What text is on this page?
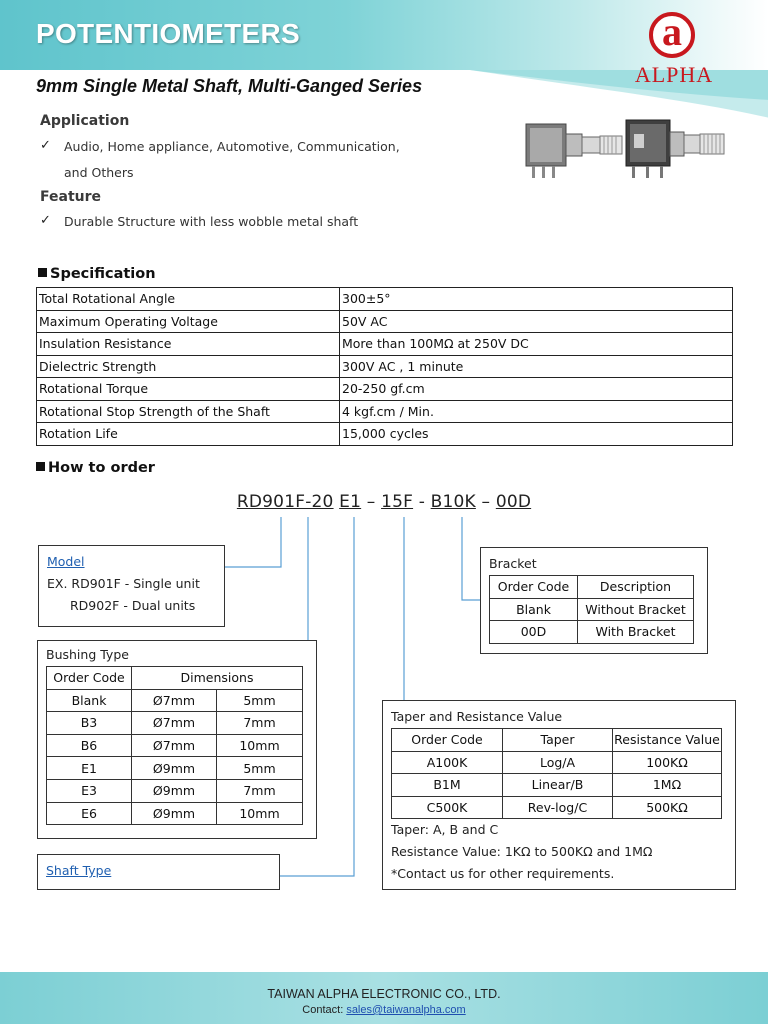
POTENTIOMETERS	a
ALPHA
9mm Single Metal Shaft, Multi-Ganged Series
Application
✓ Audio, Home appliance, Automotive, Communication,
and Others
Feature
✓ Durable Structure with less wobble metal shaft
Specification
Total Rotational Angle	300±5°
Maximum Operating Voltage	50V AC
Insulation Resistance	More than 100MΩ at 250V DC
Dielectric Strength	300V AC , 1 minute
Rotational Torque	20-250 gf.cm
Rotational Stop Strength of the Shaft	4 kgf.cm / Min.
Rotation Life	15,000 cycles
How to order
RD901F-20 E1 – 15F - B10K – 00D
Model
EX. RD901F - Single unit
RD902F - Dual units
Bracket
Order Code	Description
Blank	Without Bracket
00D	With Bracket
Bushing Type
Order Code	Dimensions	
Blank	Ø7mm	5mm
B3	Ø7mm	7mm
B6	Ø7mm	10mm
E1	Ø9mm	5mm
E3	Ø9mm	7mm
E6	Ø9mm	10mm
Taper and Resistance Value
Order Code	Taper	Resistance Value
A100K	Log/A	100KΩ
B1M	Linear/B	1MΩ
C500K	Rev-log/C	500KΩ
Taper: A, B and C
Resistance Value: 1KΩ to 500KΩ and 1MΩ
*Contact us for other requirements.
Shaft Type
TAIWAN ALPHA ELECTRONIC CO., LTD.
Contact: sales@taiwanalpha.com
